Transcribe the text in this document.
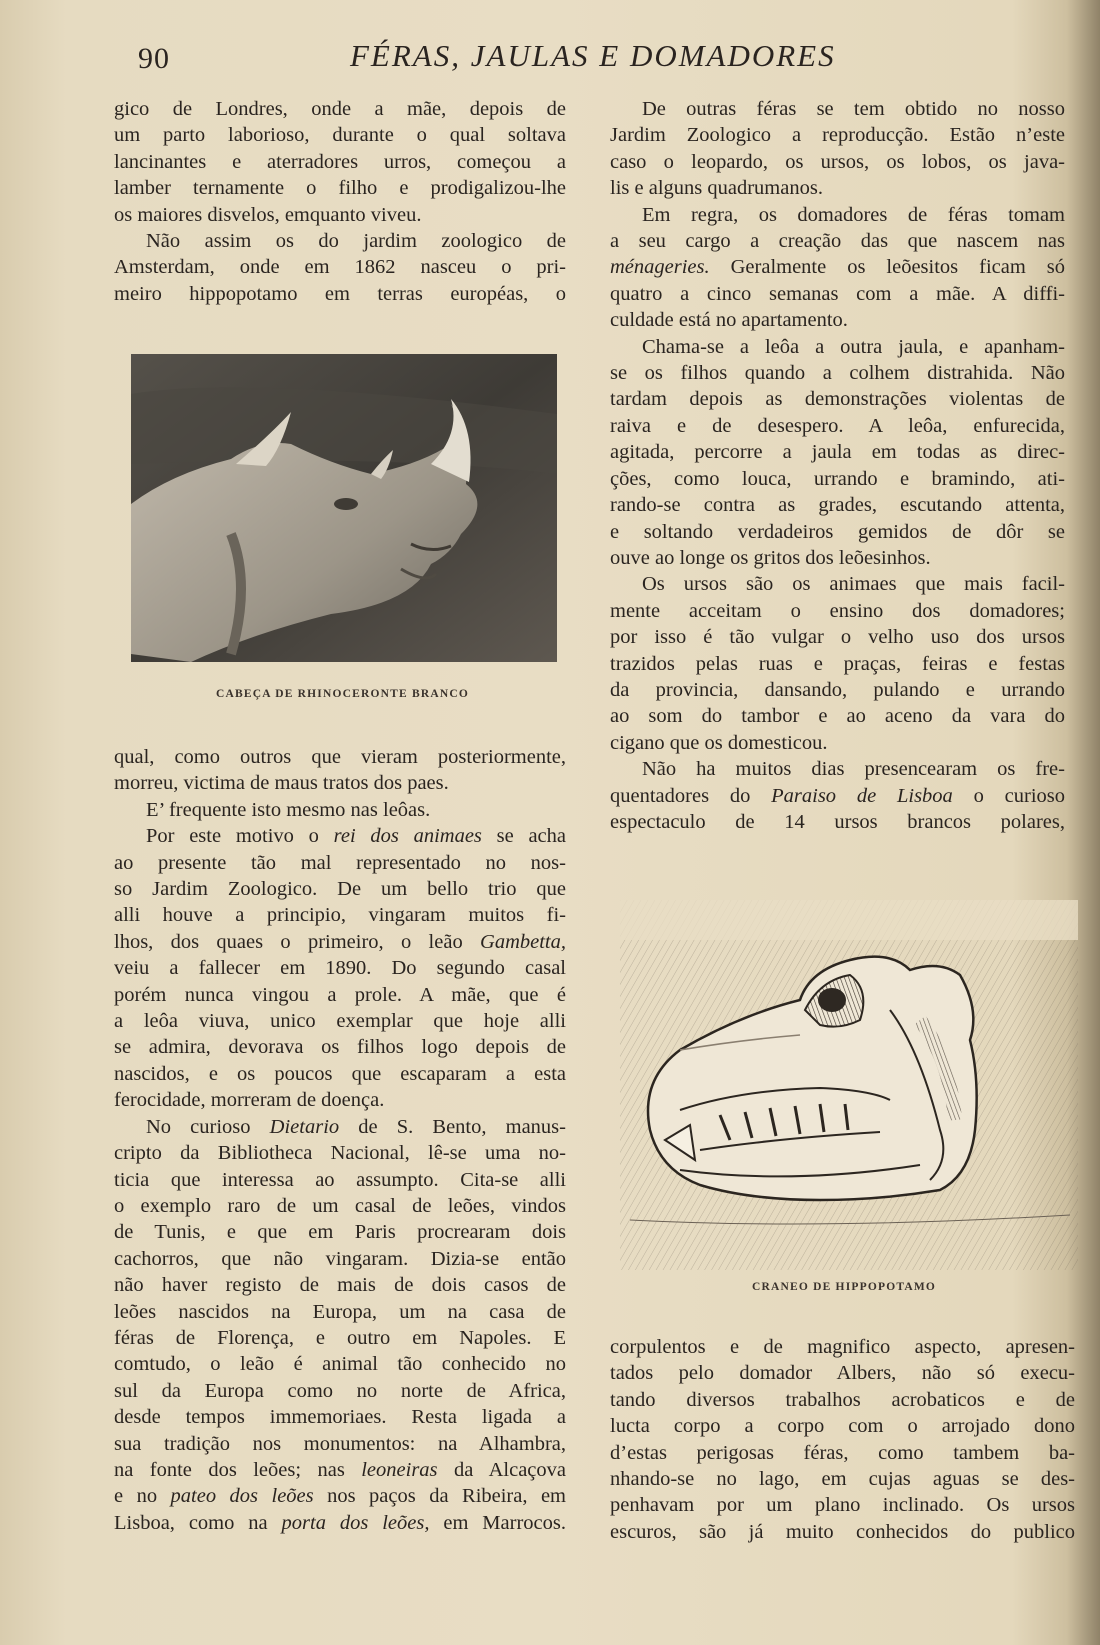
90	FÉRAS, JAULAS E DOMADORES

gico de Londres, onde a mãe, depois de
um parto laborioso, durante o qual soltava
lancinantes e aterradores urros, começou a
lamber ternamente o filho e prodigalizou-lhe
os maiores disvelos, emquanto viveu.

Não assim os do jardim zoologico de
Amsterdam, onde em 1862 nasceu o pri-
meiro hippopotamo em terras européas, o

CABEÇA DE RHINOCERONTE BRANCO

qual, como outros que vieram posteriormente,
morreu, victima de maus tratos dos paes.

E’ frequente isto mesmo nas leôas.

Por este motivo o rei dos animaes se acha
ao presente tão mal representado no nos-
so Jardim Zoologico. De um bello trio que
alli houve a principio, vingaram muitos fi-
lhos, dos quaes o primeiro, o leão Gambetta,
veiu a fallecer em 1890. Do segundo casal
porém nunca vingou a prole. A mãe, que é
a leôa viuva, unico exemplar que hoje alli
se admira, devorava os filhos logo depois de
nascidos, e os poucos que escaparam a esta
ferocidade, morreram de doença.

No curioso Dietario de S. Bento, manus-
cripto da Bibliotheca Nacional, lê-se uma no-
ticia que interessa ao assumpto. Cita-se alli
o exemplo raro de um casal de leões, vindos
de Tunis, e que em Paris procrearam dois
cachorros, que não vingaram. Dizia-se então
não haver registo de mais de dois casos de
leões nascidos na Europa, um na casa de
féras de Florença, e outro em Napoles. E
comtudo, o leão é animal tão conhecido no
sul da Europa como no norte de Africa,
desde tempos immemoriaes. Resta ligada a
sua tradição nos monumentos: na Alhambra,
na fonte dos leões; nas leoneiras da Alcaçova
e no pateo dos leões nos paços da Ribeira, em
Lisboa, como na porta dos leões, em Marrocos.

De outras féras se tem obtido no nosso
Jardim Zoologico a reproducção. Estão n’este
caso o leopardo, os ursos, os lobos, os java-
lis e alguns quadrumanos.

Em regra, os domadores de féras tomam
a seu cargo a creação das que nascem nas
ménageries. Geralmente os leõesitos ficam só
quatro a cinco semanas com a mãe. A diffi-
culdade está no apartamento.

Chama-se a leôa a outra jaula, e apanham-
se os filhos quando a colhem distrahida. Não
tardam depois as demonstrações violentas de
raiva e de desespero. A leôa, enfurecida,
agitada, percorre a jaula em todas as direc-
ções, como louca, urrando e bramindo, ati-
rando-se contra as grades, escutando attenta,
e soltando verdadeiros gemidos de dôr se
ouve ao longe os gritos dos leõesinhos.

Os ursos são os animaes que mais facil-
mente acceitam o ensino dos domadores;
por isso é tão vulgar o velho uso dos ursos
trazidos pelas ruas e praças, feiras e festas
da provincia, dansando, pulando e urrando
ao som do tambor e ao aceno da vara do
cigano que os domesticou.

Não ha muitos dias presencearam os fre-
quentadores do Paraiso de Lisboa o curioso
espectaculo de 14 ursos brancos polares,

CRANEO DE HIPPOPOTAMO

corpulentos e de magnifico aspecto, apresen-
tados pelo domador Albers, não só execu-
tando diversos trabalhos acrobaticos e de
lucta corpo a corpo com o arrojado dono
d’estas perigosas féras, como tambem ba-
nhando-se no lago, em cujas aguas se des-
penhavam por um plano inclinado. Os ursos
escuros, são já muito conhecidos do publico
